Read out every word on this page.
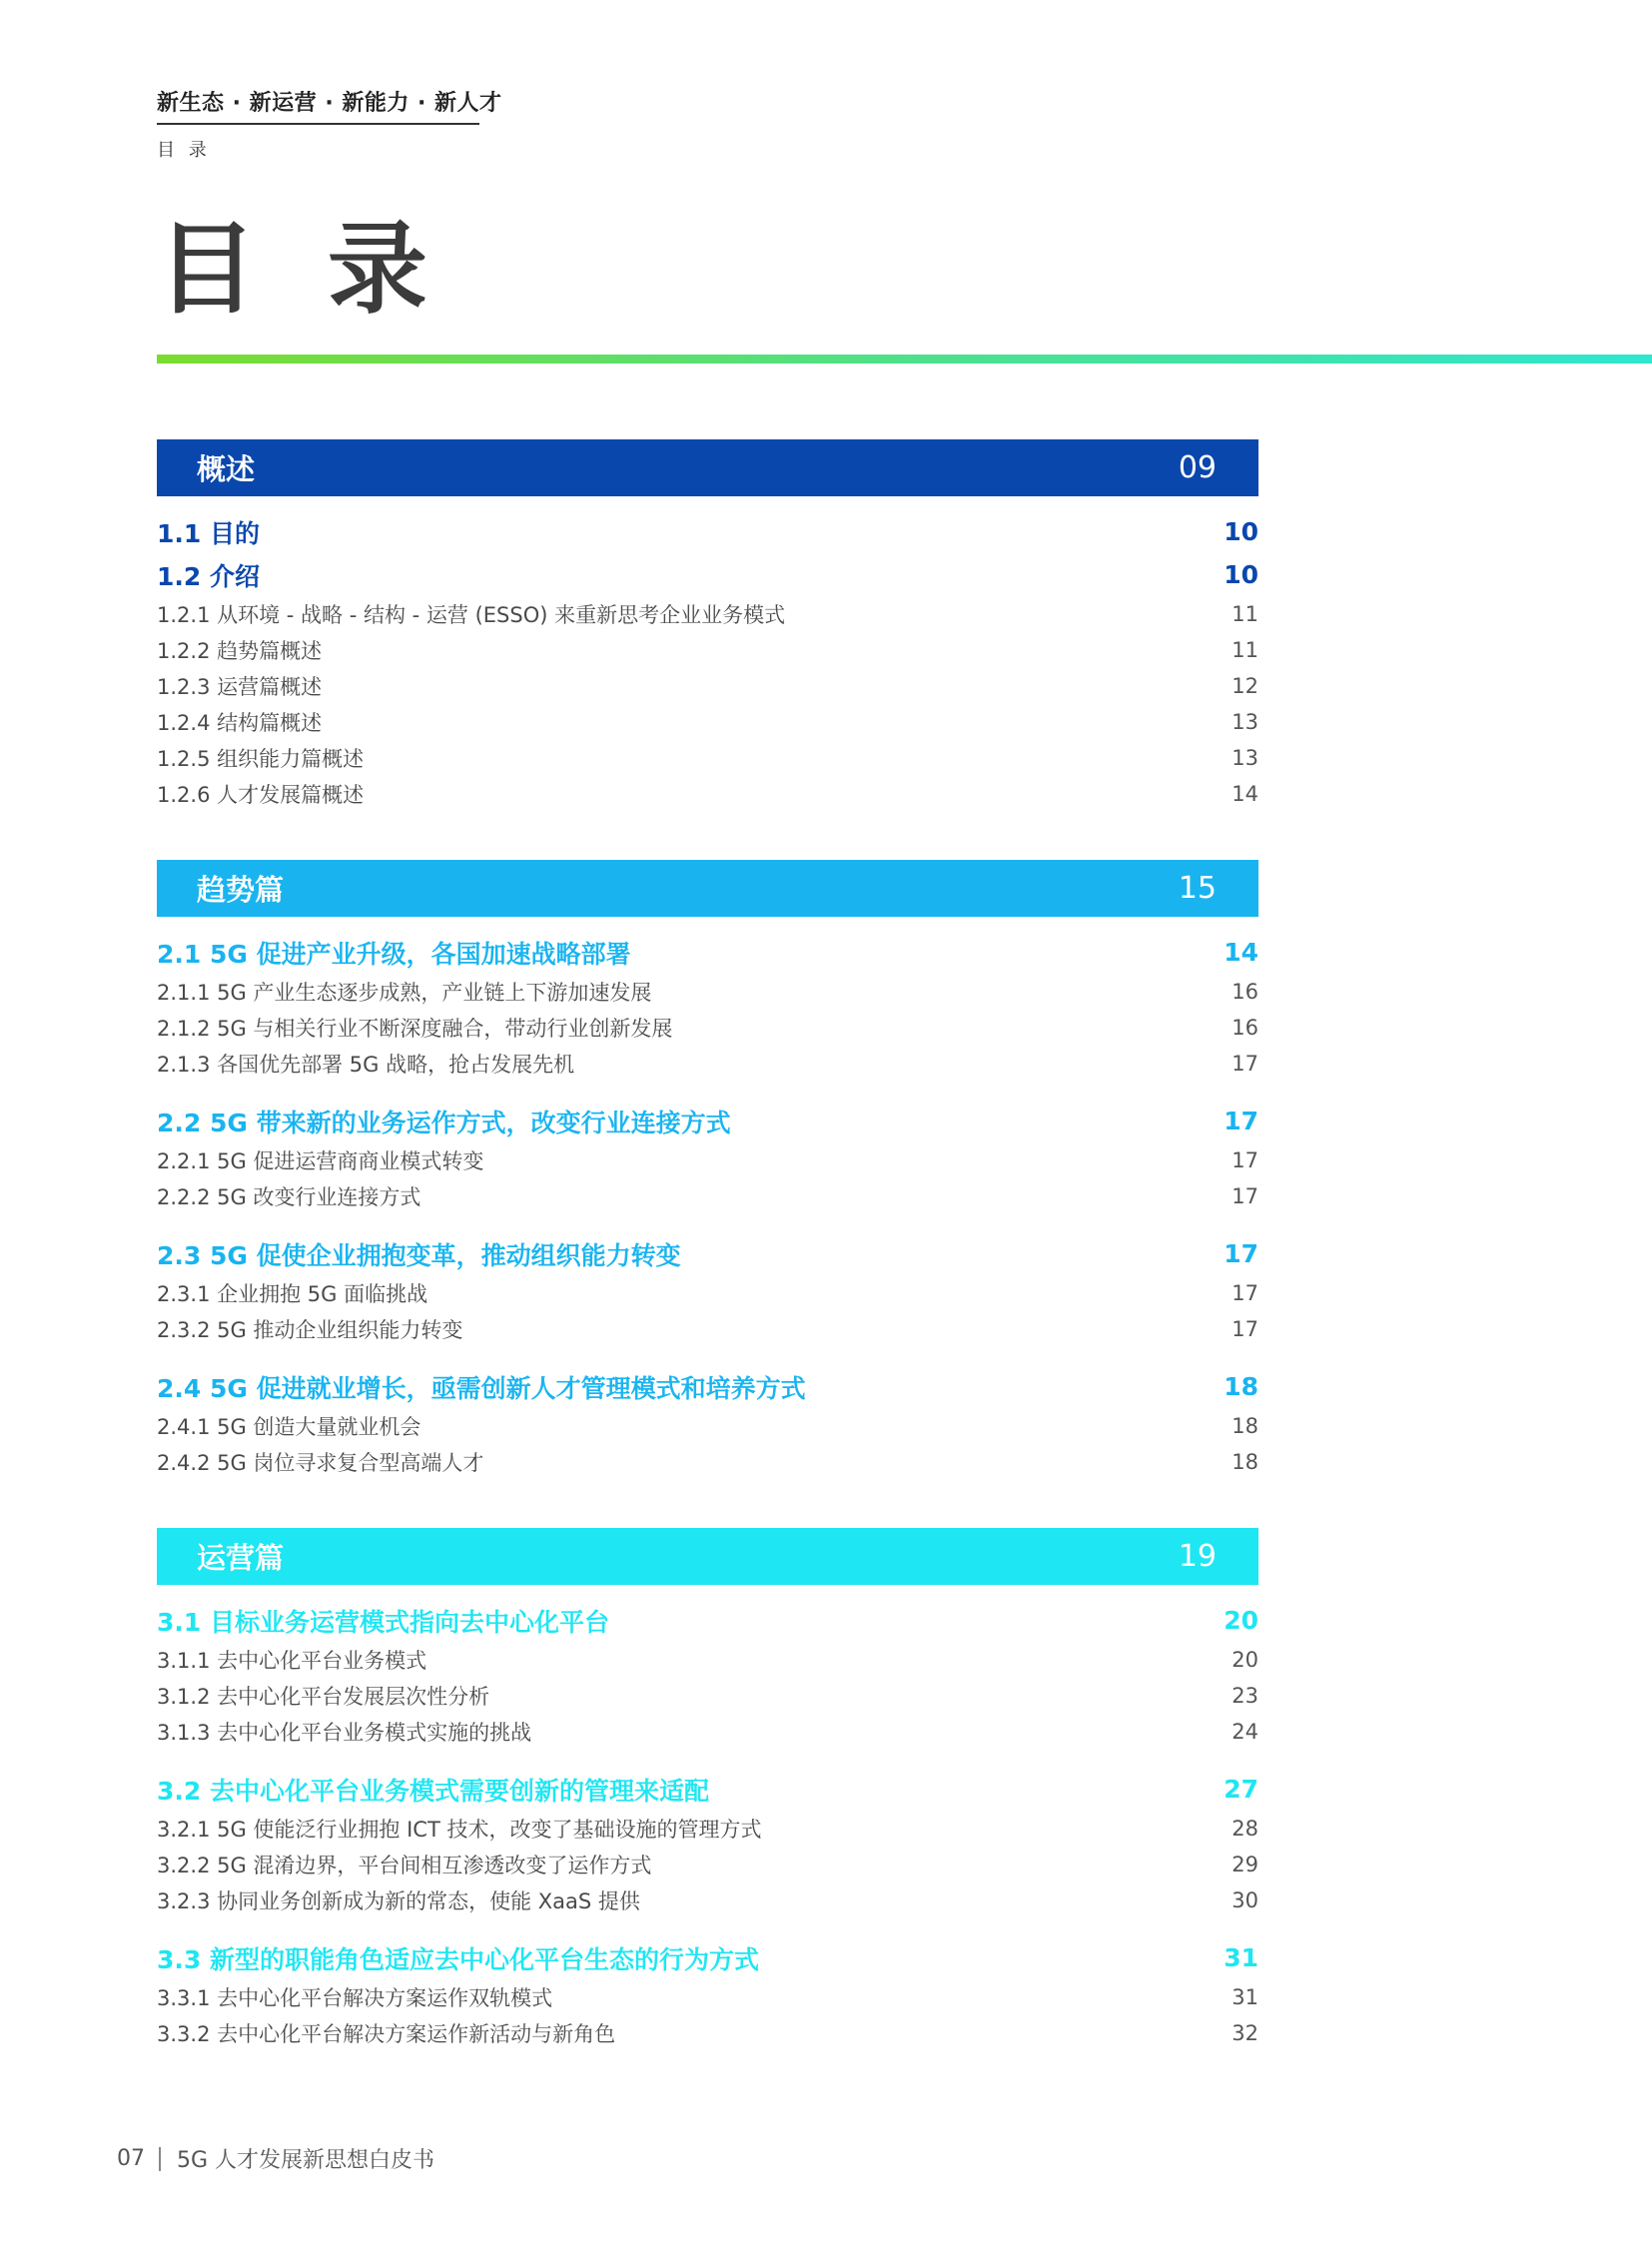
新生态 · 新运营 · 新能力 · 新人才
目 录
目 录
概述	09
1.1 目的	10
1.2 介绍	10
1.2.1 从环境 - 战略 - 结构 - 运营 (ESSO) 来重新思考企业业务模式	11
1.2.2 趋势篇概述	11
1.2.3 运营篇概述	12
1.2.4 结构篇概述	13
1.2.5 组织能力篇概述	13
1.2.6 人才发展篇概述	14
趋势篇	15
2.1 5G 促进产业升级，各国加速战略部署	14
2.1.1 5G 产业生态逐步成熟，产业链上下游加速发展	16
2.1.2 5G 与相关行业不断深度融合，带动行业创新发展	16
2.1.3 各国优先部署 5G 战略，抢占发展先机	17
2.2 5G 带来新的业务运作方式，改变行业连接方式	17
2.2.1 5G 促进运营商商业模式转变	17
2.2.2 5G 改变行业连接方式	17
2.3 5G 促使企业拥抱变革，推动组织能力转变	17
2.3.1 企业拥抱 5G 面临挑战	17
2.3.2 5G 推动企业组织能力转变	17
2.4 5G 促进就业增长，亟需创新人才管理模式和培养方式	18
2.4.1 5G 创造大量就业机会	18
2.4.2 5G 岗位寻求复合型高端人才	18
运营篇	19
3.1 目标业务运营模式指向去中心化平台	20
3.1.1 去中心化平台业务模式	20
3.1.2 去中心化平台发展层次性分析	23
3.1.3 去中心化平台业务模式实施的挑战	24
3.2 去中心化平台业务模式需要创新的管理来适配	27
3.2.1 5G 使能泛行业拥抱 ICT 技术，改变了基础设施的管理方式	28
3.2.2 5G 混淆边界，平台间相互渗透改变了运作方式	29
3.2.3 协同业务创新成为新的常态，使能 XaaS 提供	30
3.3 新型的职能角色适应去中心化平台生态的行为方式	31
3.3.1 去中心化平台解决方案运作双轨模式	31
3.3.2 去中心化平台解决方案运作新活动与新角色	32
07 5G 人才发展新思想白皮书
